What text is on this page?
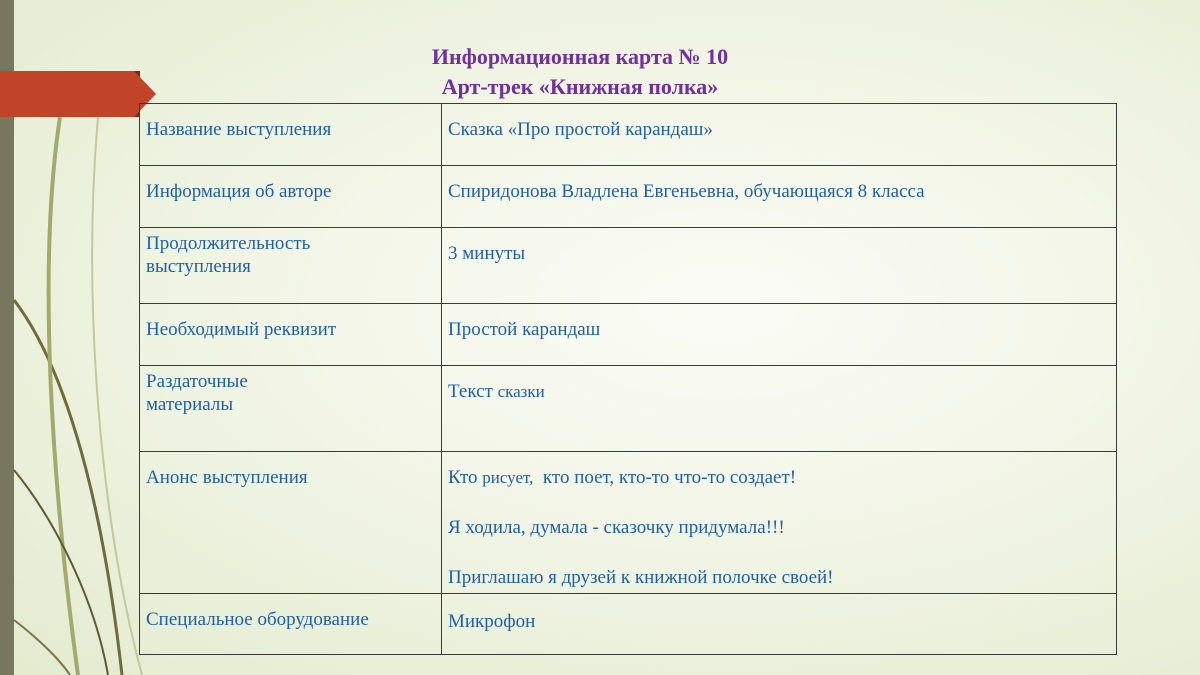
Информационная карта № 10
Арт-трек «Книжная полка»
Название выступления	Сказка «Про простой карандаш»
Информация об авторе	Спиридонова Владлена Евгеньевна, обучающаяся 8 класса

Продолжительность
выступления	3 минуты
Необходимый реквизит	Простой карандаш

Раздаточные
материалы	Текст сказки
Анонс выступления	Кто рисует, кто поет, кто-то что-то создает!

Я ходила, думала - сказочку придумала!!!

Приглашаю я друзей к книжной полочке своей!

Специальное оборудование	Микрофон
